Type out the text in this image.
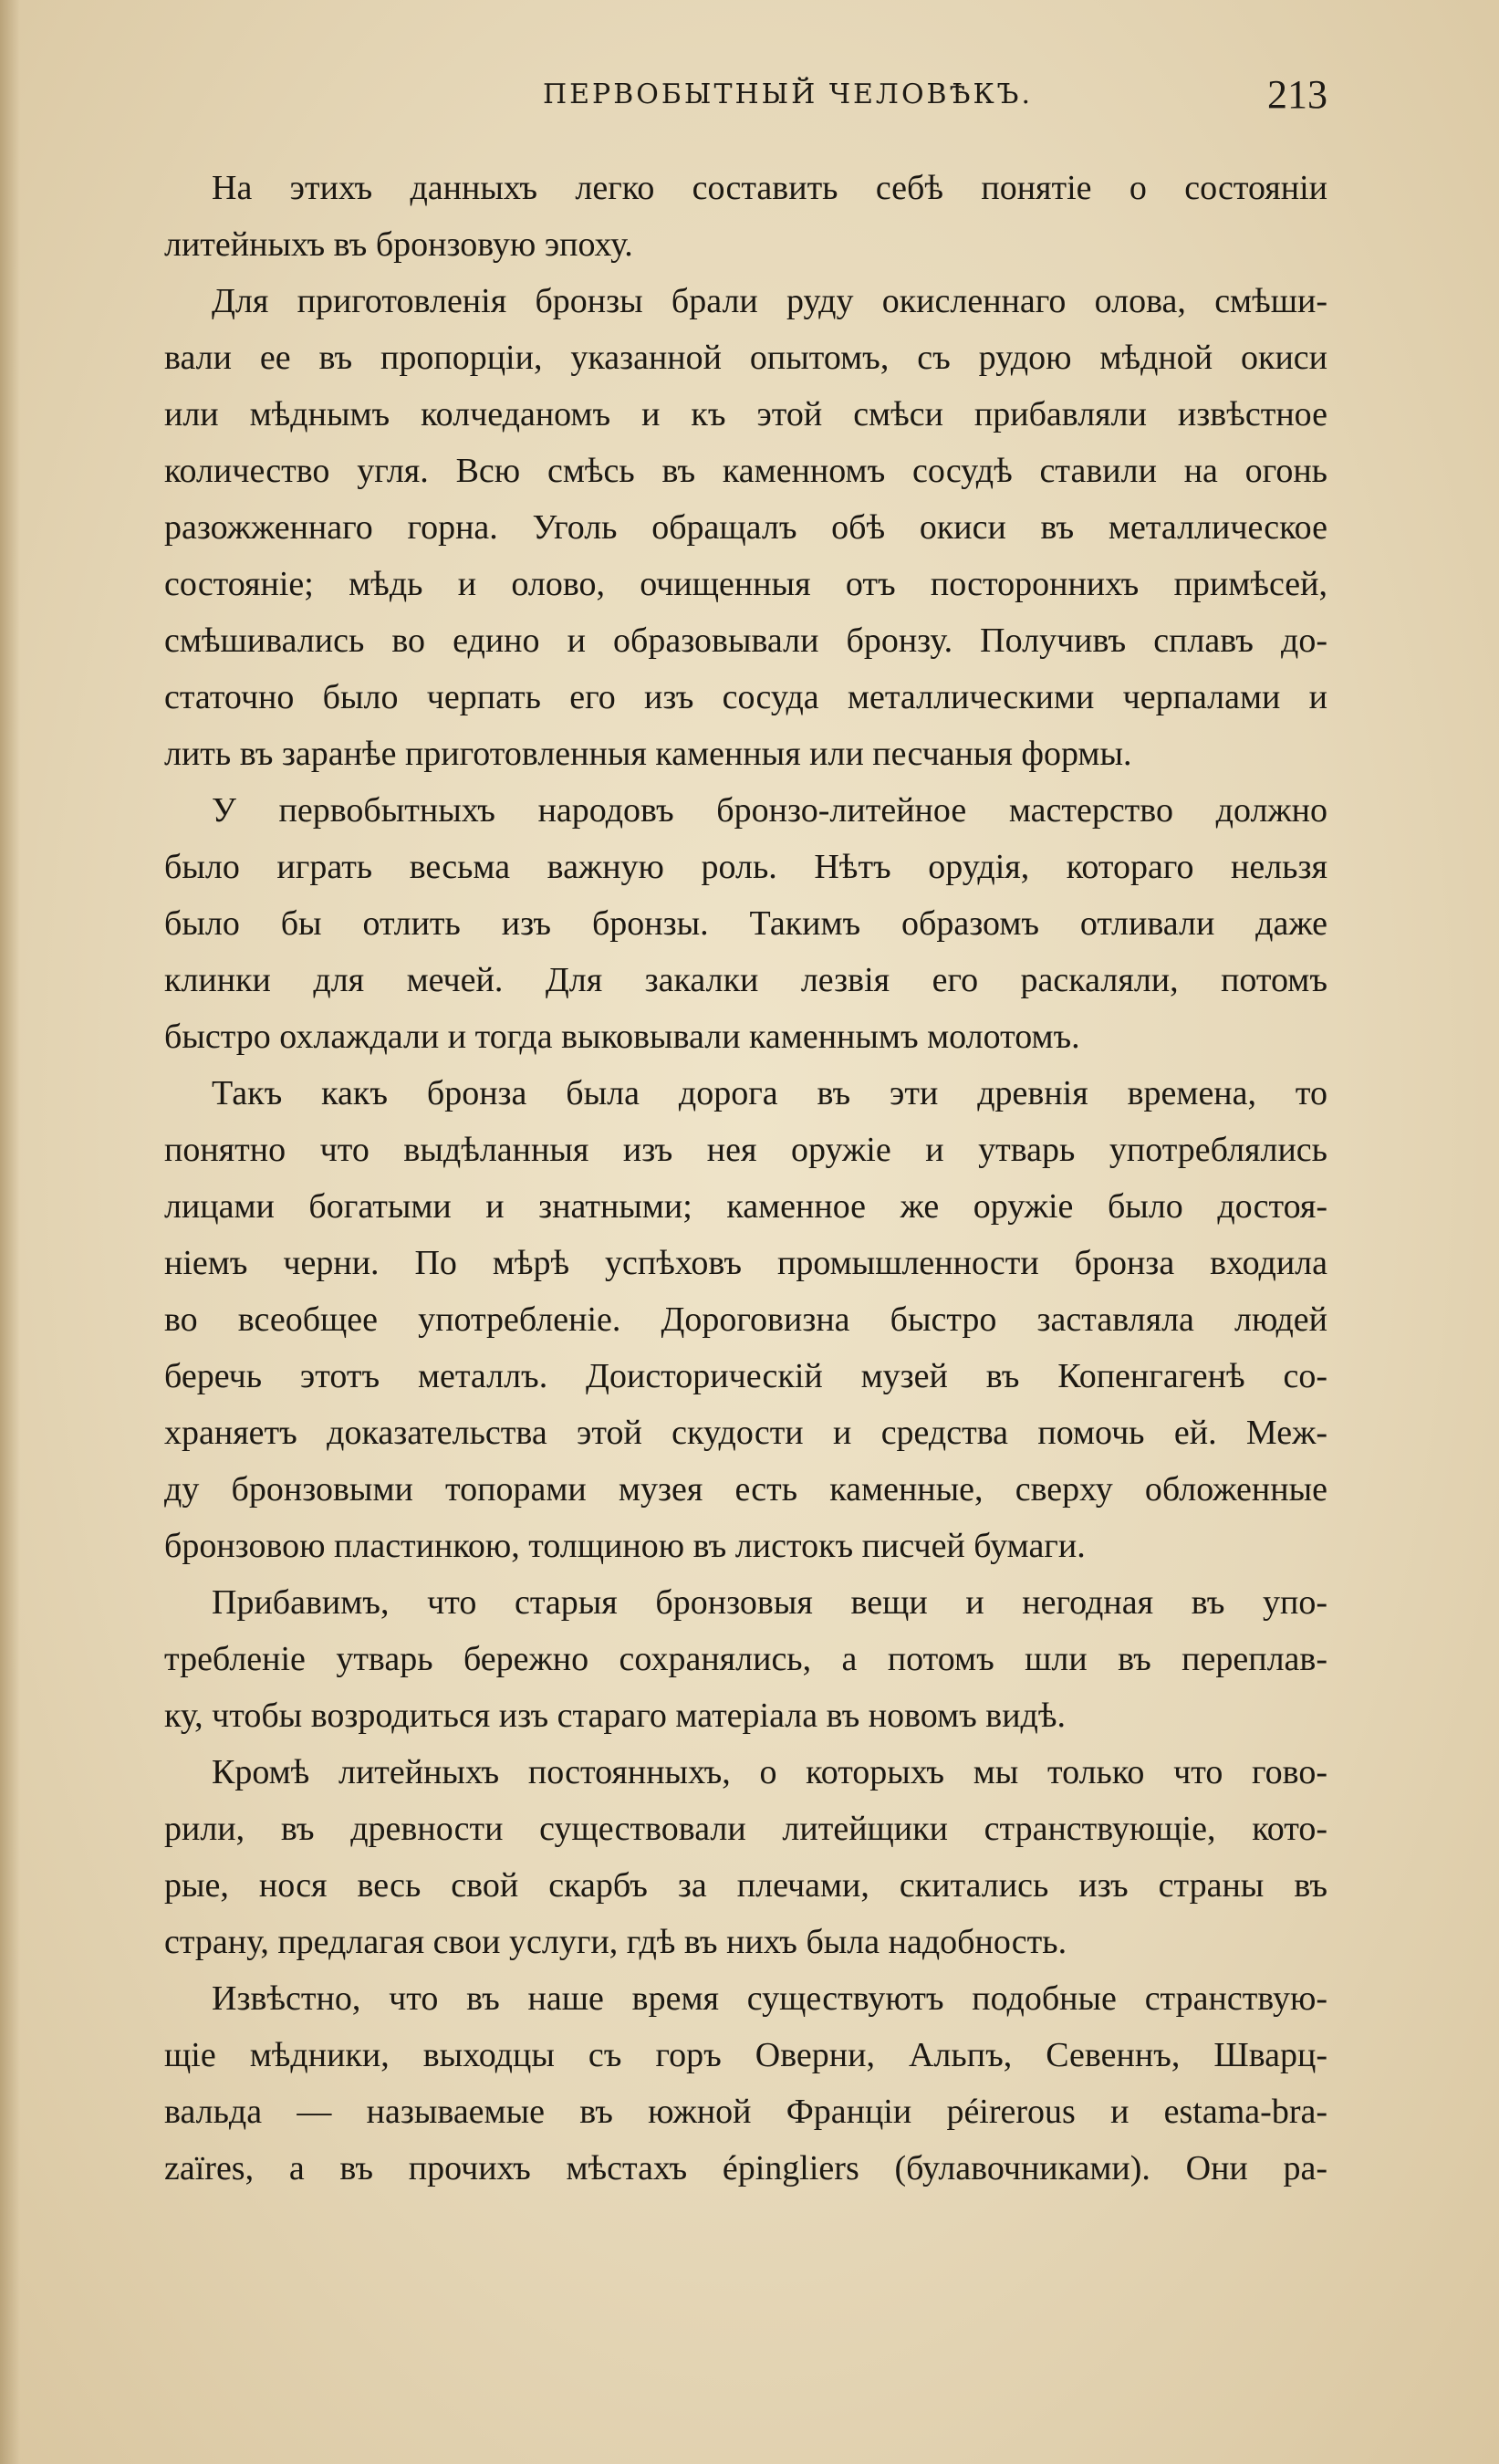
ПЕРВОБЫТНЫЙ ЧЕЛОВѢКЪ.	213
На этихъ данныхъ легко составить себѣ понятіе о состояніи
литейныхъ въ бронзовую эпоху.
Для приготовленія бронзы брали руду окисленнаго олова, смѣши-
вали ее въ пропорціи, указанной опытомъ, съ рудою мѣдной окиси
или мѣднымъ колчеданомъ и къ этой смѣси прибавляли извѣстное
количество угля. Всю смѣсь въ каменномъ сосудѣ ставили на огонь
разожженнаго горна. Уголь обращалъ обѣ окиси въ металлическое
состояніе; мѣдь и олово, очищенныя отъ постороннихъ примѣсей,
смѣшивались во едино и образовывали бронзу. Получивъ сплавъ до-
статочно было черпать его изъ сосуда металлическими черпалами и
лить въ заранѣе приготовленныя каменныя или песчаныя формы.
У первобытныхъ народовъ бронзо-литейное мастерство должно
было играть весьма важную роль. Нѣтъ орудія, котораго нельзя
было бы отлить изъ бронзы. Такимъ образомъ отливали даже
клинки для мечей. Для закалки лезвія его раскаляли, потомъ
быстро охлаждали и тогда выковывали каменнымъ молотомъ.
Такъ какъ бронза была дорога въ эти древнія времена, то
понятно что выдѣланныя изъ нея оружіе и утварь употреблялись
лицами богатыми и знатными; каменное же оружіе было достоя-
ніемъ черни. По мѣрѣ успѣховъ промышленности бронза входила
во всеобщее употребленіе. Дороговизна быстро заставляла людей
беречь этотъ металлъ. Доисторическій музей въ Копенгагенѣ со-
храняетъ доказательства этой скудости и средства помочь ей. Меж-
ду бронзовыми топорами музея есть каменные, сверху обложенные
бронзовою пластинкою, толщиною въ листокъ писчей бумаги.
Прибавимъ, что старыя бронзовыя вещи и негодная въ упо-
требленіе утварь бережно сохранялись, а потомъ шли въ переплав-
ку, чтобы возродиться изъ стараго матеріала въ новомъ видѣ.
Кромѣ литейныхъ постоянныхъ, о которыхъ мы только что гово-
рили, въ древности существовали литейщики странствующіе, кото-
рые, нося весь свой скарбъ за плечами, скитались изъ страны въ
страну, предлагая свои услуги, гдѣ въ нихъ была надобность.
Извѣстно, что въ наше время существуютъ подобные странствую-
щіе мѣдники, выходцы съ горъ Оверни, Альпъ, Севеннъ, Шварц-
вальда — называемые въ южной Франціи péirerous и estama-bra-
zaïres, а въ прочихъ мѣстахъ épingliers (булавочниками). Они ра-
